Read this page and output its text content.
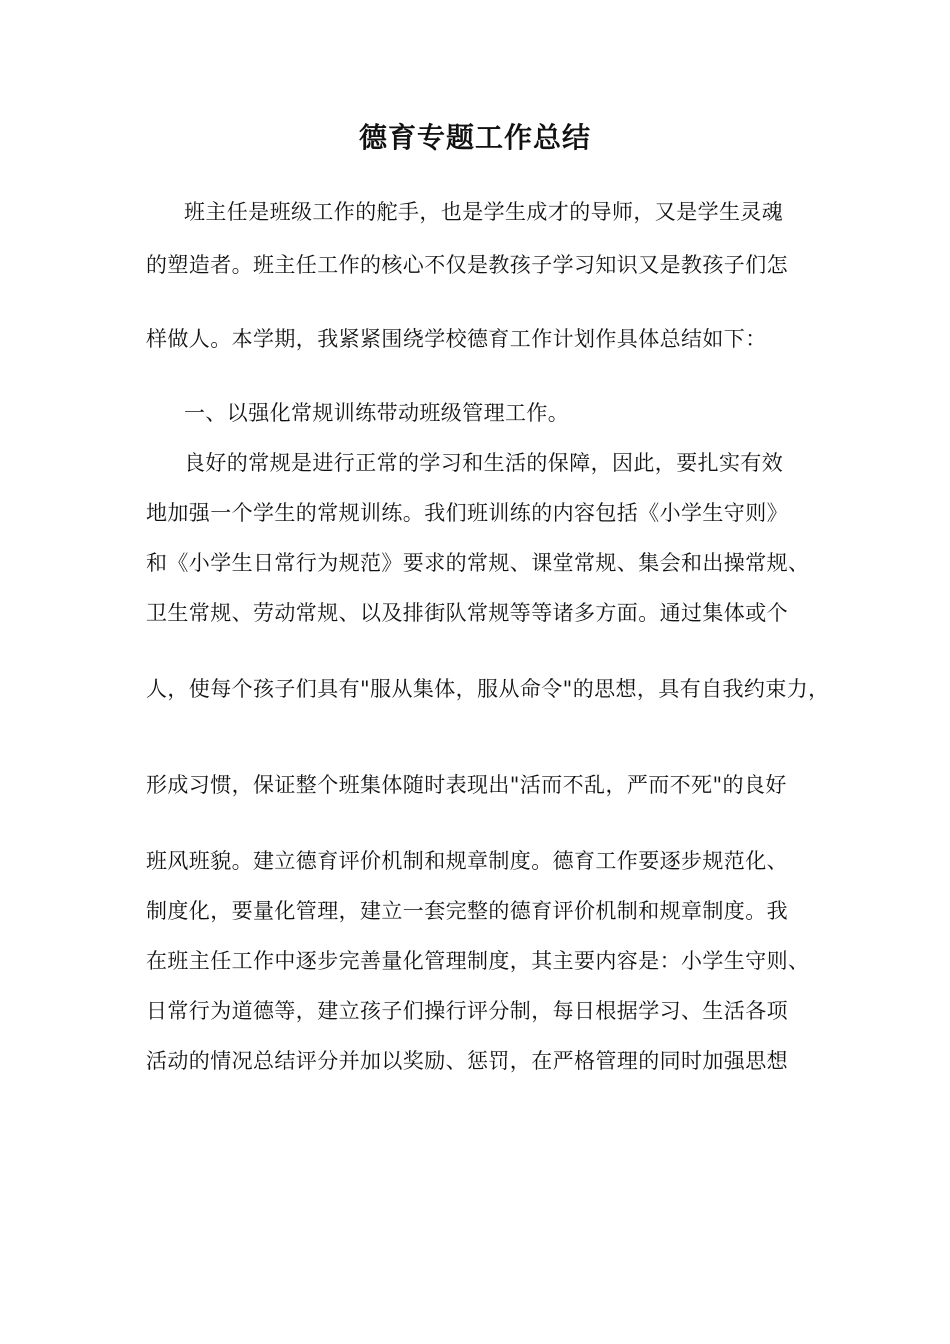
德育专题工作总结
班主任是班级工作的舵手，也是学生成才的导师，又是学生灵魂
的塑造者。班主任工作的核心不仅是教孩子学习知识又是教孩子们怎
样做人。本学期，我紧紧围绕学校德育工作计划作具体总结如下：
一、以强化常规训练带动班级管理工作。
良好的常规是进行正常的学习和生活的保障，因此，要扎实有效
地加强一个学生的常规训练。我们班训练的内容包括《小学生守则》
和《小学生日常行为规范》要求的常规、课堂常规、集会和出操常规、
卫生常规、劳动常规、以及排街队常规等等诸多方面。通过集体或个
人，使每个孩子们具有"服从集体，服从命令"的思想，具有自我约束力，
形成习惯，保证整个班集体随时表现出"活而不乱，严而不死"的良好
班风班貌。建立德育评价机制和规章制度。德育工作要逐步规范化、
制度化，要量化管理，建立一套完整的德育评价机制和规章制度。我
在班主任工作中逐步完善量化管理制度，其主要内容是：小学生守则、
日常行为道德等，建立孩子们操行评分制，每日根据学习、生活各项
活动的情况总结评分并加以奖励、惩罚，在严格管理的同时加强思想
